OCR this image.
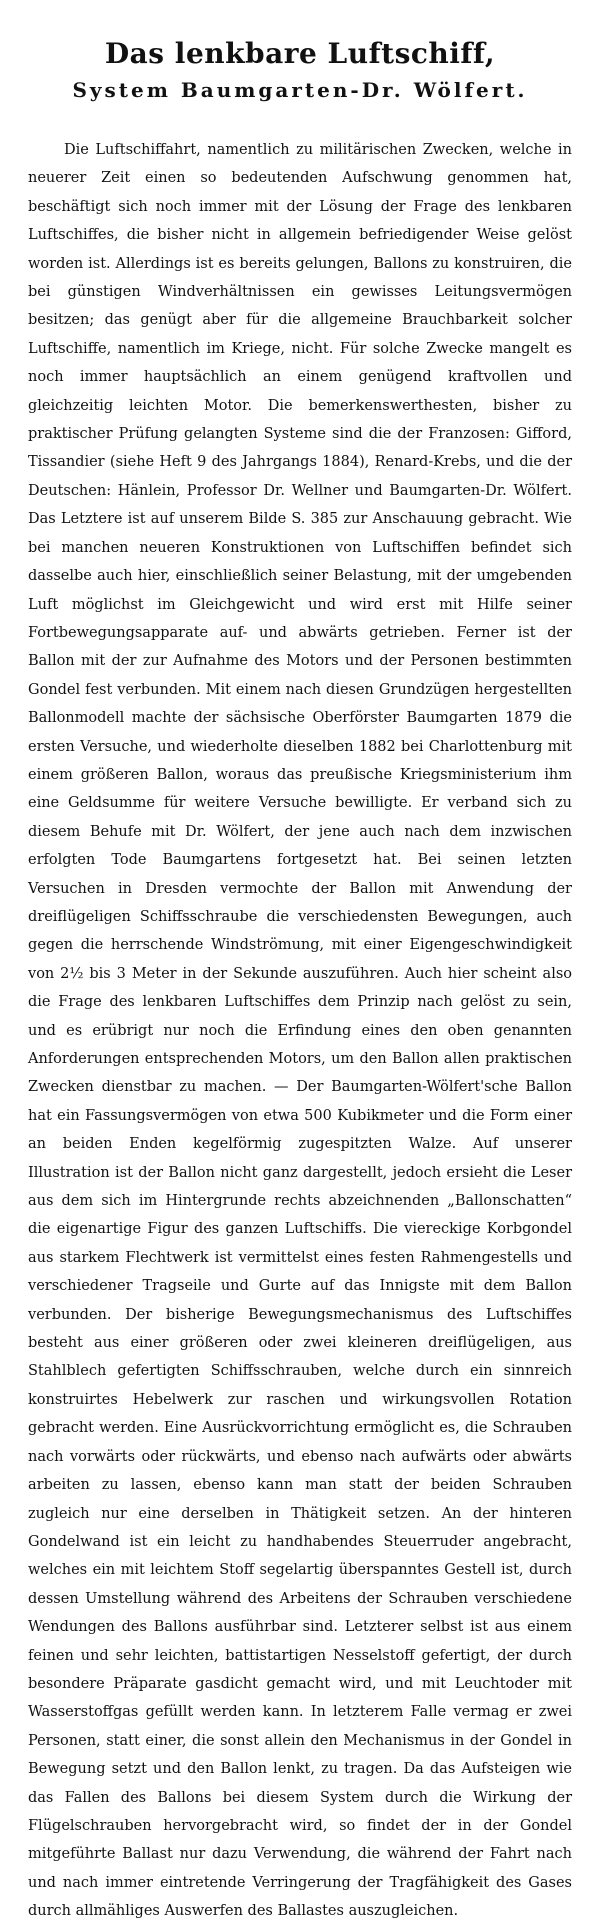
Das lenkbare Luftschiff,
System Baumgarten-Dr. Wölfert.

Die Luftschiffahrt, namentlich zu militärischen Zwecken, welche in neuerer Zeit einen so bedeutenden Aufschwung genommen hat, beschäftigt sich noch immer mit der Lösung der Frage des lenkbaren Luftschiffes, die bisher nicht in allgemein befriedigender Weise gelöst worden ist. Allerdings ist es bereits gelungen, Ballons zu konstruiren, die bei günstigen Windverhältnissen ein gewisses Leitungsvermögen besitzen; das genügt aber für die allgemeine Brauchbarkeit solcher Luftschiffe, namentlich im Kriege, nicht. Für solche Zwecke mangelt es noch immer hauptsächlich an einem genügend kraftvollen und gleichzeitig leichten Motor. Die bemerkenswerthesten, bisher zu praktischer Prüfung gelangten Systeme sind die der Franzosen: Gifford, Tissandier (siehe Heft 9 des Jahrgangs 1884), Renard-Krebs, und die der Deutschen: Hänlein, Professor Dr. Wellner und Baumgarten-Dr. Wölfert. Das Letztere ist auf unserem Bilde S. 385 zur Anschauung gebracht. Wie bei manchen neueren Konstruktionen von Luftschiffen befindet sich dasselbe auch hier, einschließlich seiner Belastung, mit der umgebenden Luft möglichst im Gleichgewicht und wird erst mit Hilfe seiner Fortbewegungsapparate auf- und abwärts getrieben. Ferner ist der Ballon mit der zur Aufnahme des Motors und der Personen bestimmten Gondel fest verbunden. Mit einem nach diesen Grundzügen hergestellten Ballonmodell machte der sächsische Oberförster Baumgarten 1879 die ersten Versuche, und wiederholte dieselben 1882 bei Charlottenburg mit einem größeren Ballon, woraus das preußische Kriegsministerium ihm eine Geldsumme für weitere Versuche bewilligte. Er verband sich zu diesem Behufe mit Dr. Wölfert, der jene auch nach dem inzwischen erfolgten Tode Baumgartens fortgesetzt hat. Bei seinen letzten Versuchen in Dresden vermochte der Ballon mit Anwendung der dreiflügeligen Schiffsschraube die verschiedensten Bewegungen, auch gegen die herrschende Windströmung, mit einer Eigengeschwindigkeit von 2½ bis 3 Meter in der Sekunde auszuführen. Auch hier scheint also die Frage des lenkbaren Luftschiffes dem Prinzip nach gelöst zu sein, und es erübrigt nur noch die Erfindung eines den oben genannten Anforderungen entsprechenden Motors, um den Ballon allen praktischen Zwecken dienstbar zu machen. — Der Baumgarten-Wölfert'sche Ballon hat ein Fassungsvermögen von etwa 500 Kubikmeter und die Form einer an beiden Enden kegelförmig zugespitzten Walze. Auf unserer Illustration ist der Ballon nicht ganz dargestellt, jedoch ersieht die Leser aus dem sich im Hintergrunde rechts abzeichnenden „Ballonschatten“ die eigenartige Figur des ganzen Luftschiffs. Die viereckige Korbgondel aus starkem Flechtwerk ist vermittelst eines festen Rahmengestells und verschiedener Tragseile und Gurte auf das Innigste mit dem Ballon verbunden. Der bisherige Bewegungsmechanismus des Luftschiffes besteht aus einer größeren oder zwei kleineren dreiflügeligen, aus Stahlblech gefertigten Schiffsschrauben, welche durch ein sinnreich konstruirtes Hebelwerk zur raschen und wirkungsvollen Rotation gebracht werden. Eine Ausrückvorrichtung ermöglicht es, die Schrauben nach vorwärts oder rückwärts, und ebenso nach aufwärts oder abwärts arbeiten zu lassen, ebenso kann man statt der beiden Schrauben zugleich nur eine derselben in Thätigkeit setzen. An der hinteren Gondelwand ist ein leicht zu handhabendes Steuerruder angebracht, welches ein mit leichtem Stoff segelartig überspanntes Gestell ist, durch dessen Umstellung während des Arbeitens der Schrauben verschiedene Wendungen des Ballons ausführbar sind. Letzterer selbst ist aus einem feinen und sehr leichten, battistartigen Nesselstoff gefertigt, der durch besondere Präparate gasdicht gemacht wird, und mit Leuchtoder mit Wasserstoffgas gefüllt werden kann. In letzterem Falle vermag er zwei Personen, statt einer, die sonst allein den Mechanismus in der Gondel in Bewegung setzt und den Ballon lenkt, zu tragen. Da das Aufsteigen wie das Fallen des Ballons bei diesem System durch die Wirkung der Flügelschrauben hervorgebracht wird, so findet der in der Gondel mitgeführte Ballast nur dazu Verwendung, die während der Fahrt nach und nach immer eintretende Verringerung der Tragfähigkeit des Gases durch allmähliges Auswerfen des Ballastes auszugleichen.
